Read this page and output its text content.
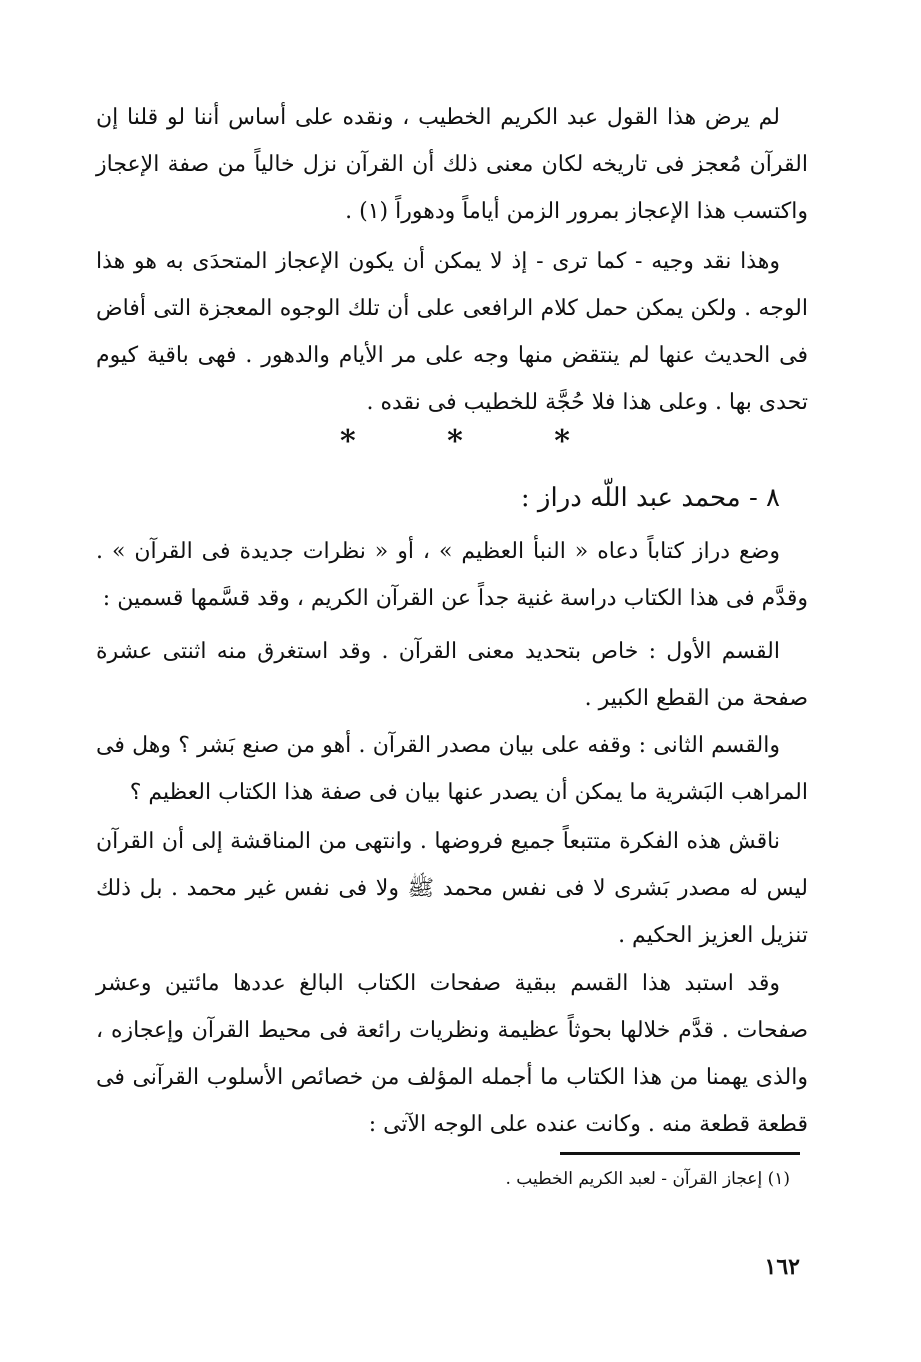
لم يرض هذا القول عبد الكريم الخطيب ، ونقده على أساس أننا لو قلنا إن القرآن مُعجز فى تاريخه لكان معنى ذلك أن القرآن نزل خالياً من صفة الإعجاز واكتسب هذا الإعجاز بمرور الزمن أياماً ودهوراً (١) .

وهذا نقد وجيه - كما ترى - إذ لا يمكن أن يكون الإعجاز المتحدَى به هو هذا الوجه . ولكن يمكن حمل كلام الرافعى على أن تلك الوجوه المعجزة التى أفاض فى الحديث عنها لم ينتقض منها وجه على مر الأيام والدهور . فهى باقية كيوم تحدى بها . وعلى هذا فلا حُجَّة للخطيب فى نقده .

*	*	*
٨ - محمد عبد اللّه دراز :

وضع دراز كتاباً دعاه « النبأ العظيم » ، أو « نظرات جديدة فى القرآن » . وقدَّم فى هذا الكتاب دراسة غنية جداً عن القرآن الكريم ، وقد قسَّمها قسمين :

القسم الأول : خاص بتحديد معنى القرآن . وقد استغرق منه اثنتى عشرة صفحة من القطع الكبير .

والقسم الثانى : وقفه على بيان مصدر القرآن . أهو من صنع بَشر ؟ وهل فى المراهب البَشرية ما يمكن أن يصدر عنها بيان فى صفة هذا الكتاب العظيم ؟

ناقش هذه الفكرة متتبعاً جميع فروضها . وانتهى من المناقشة إلى أن القرآن ليس له مصدر بَشرى لا فى نفس محمد ﷺ ولا فى نفس غير محمد . بل ذلك تنزيل العزيز الحكيم .

وقد استبد هذا القسم ببقية صفحات الكتاب البالغ عددها مائتين وعشر صفحات . قدَّم خلالها بحوثاً عظيمة ونظريات رائعة فى محيط القرآن وإعجازه ، والذى يهمنا من هذا الكتاب ما أجمله المؤلف من خصائص الأسلوب القرآنى فى قطعة قطعة منه . وكانت عنده على الوجه الآتى :

(١) إعجاز القرآن - لعبد الكريم الخطيب .
١٦٢
